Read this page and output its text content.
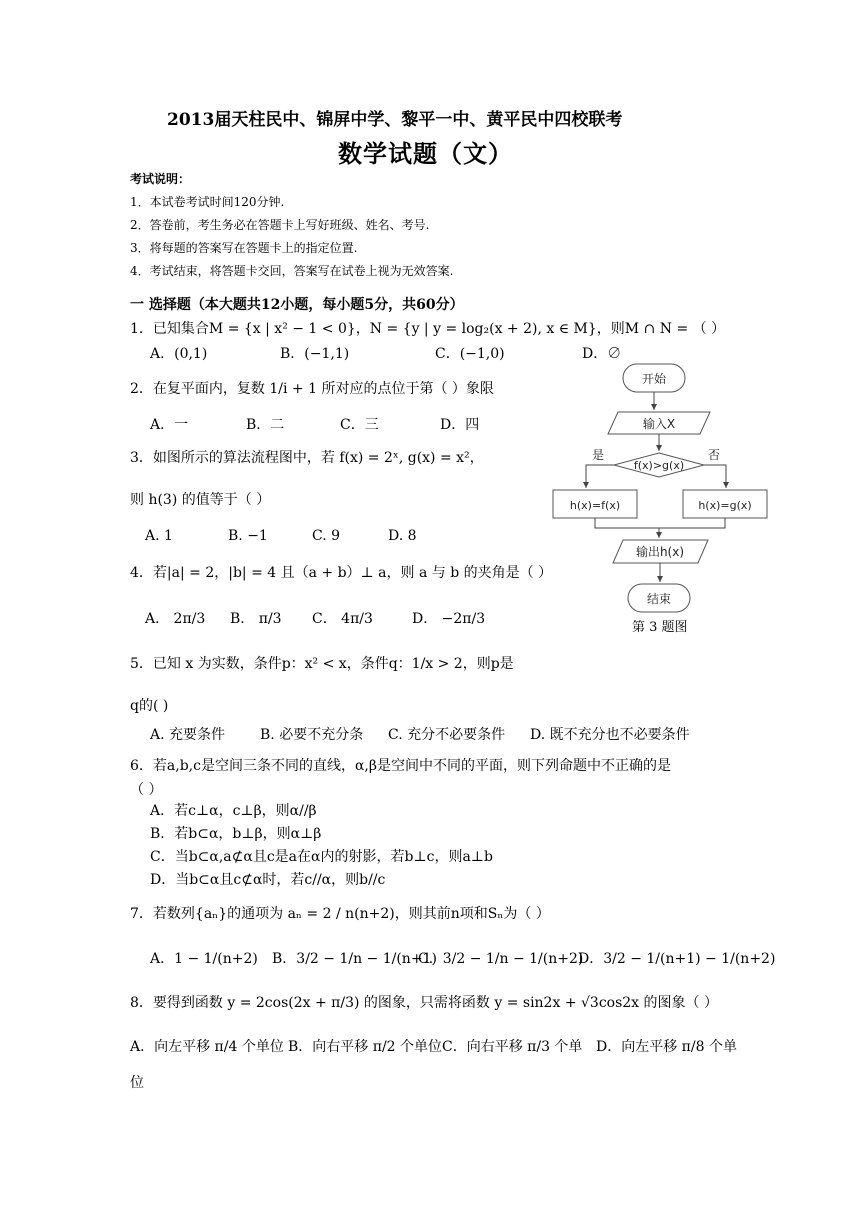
2013届天柱民中、锦屏中学、黎平一中、黄平民中四校联考
数学试题（文）
考试说明：
1．本试卷考试时间120分钟.
2．答卷前，考生务必在答题卡上写好班级、姓名、考号.
3．将每题的答案写在答题卡上的指定位置.
4．考试结束，将答题卡交回，答案写在试卷上视为无效答案.
一 选择题（本大题共12小题，每小题5分，共60分）
1．已知集合M = {x | x² − 1 < 0}，N = {y | y = log₂(x + 2), x ∈ M}，则M ∩ N = （ ）
A．(0,1)	B．(−1,1)	C．(−1,0)	D．∅
2．在复平面内，复数 1/i + 1 所对应的点位于第（ ）象限
A．一	B．二	C．三	D．四
3．如图所示的算法流程图中，若 f(x) = 2ˣ, g(x) = x²，
则 h(3) 的值等于（ ）
A. 1	B. −1	C. 9	D. 8
4．若|a| = 2，|b| = 4 且（a + b）⊥ a，则 a 与 b 的夹角是（ ）
A． 2π/3 B． π/3 C． 4π/3	D． −2π/3
5．已知 x 为实数，条件p：x² < x，条件q：1/x > 2，则p是
q的( )
A. 充要条件 B. 必要不充分条 C. 充分不必要条件 D. 既不充分也不必要条件
6．若a,b,c是空间三条不同的直线，α,β是空间中不同的平面，则下列命题中不正确的是
（ ）
A．若c⊥α，c⊥β，则α//β
B．若b⊂α，b⊥β，则α⊥β
C．当b⊂α,a⊄α且c是a在α内的射影，若b⊥c，则a⊥b
D．当b⊂α且c⊄α时，若c//α，则b//c
7．若数列{aₙ}的通项为 aₙ = 2 / n(n+2)，则其前n项和Sₙ为（ ）
A．1 − 1/(n+2) B．3/2 − 1/n − 1/(n+1)
C．3/2 − 1/n − 1/(n+2)
D．3/2 − 1/(n+1) − 1/(n+2)
8．要得到函数 y = 2cos(2x + π/3) 的图象，只需将函数 y = sin2x + √3cos2x 的图象（ ）
A．向左平移 π/4 个单位 B．向右平移 π/2 个单位 C．向右平移 π/3 个单 D．向左平移 π/8 个单
位
开始
输入X
f(x)>g(x)
是	否
h(x)=f(x)	h(x)=g(x)
输出h(x)
结束
第 3 题图
